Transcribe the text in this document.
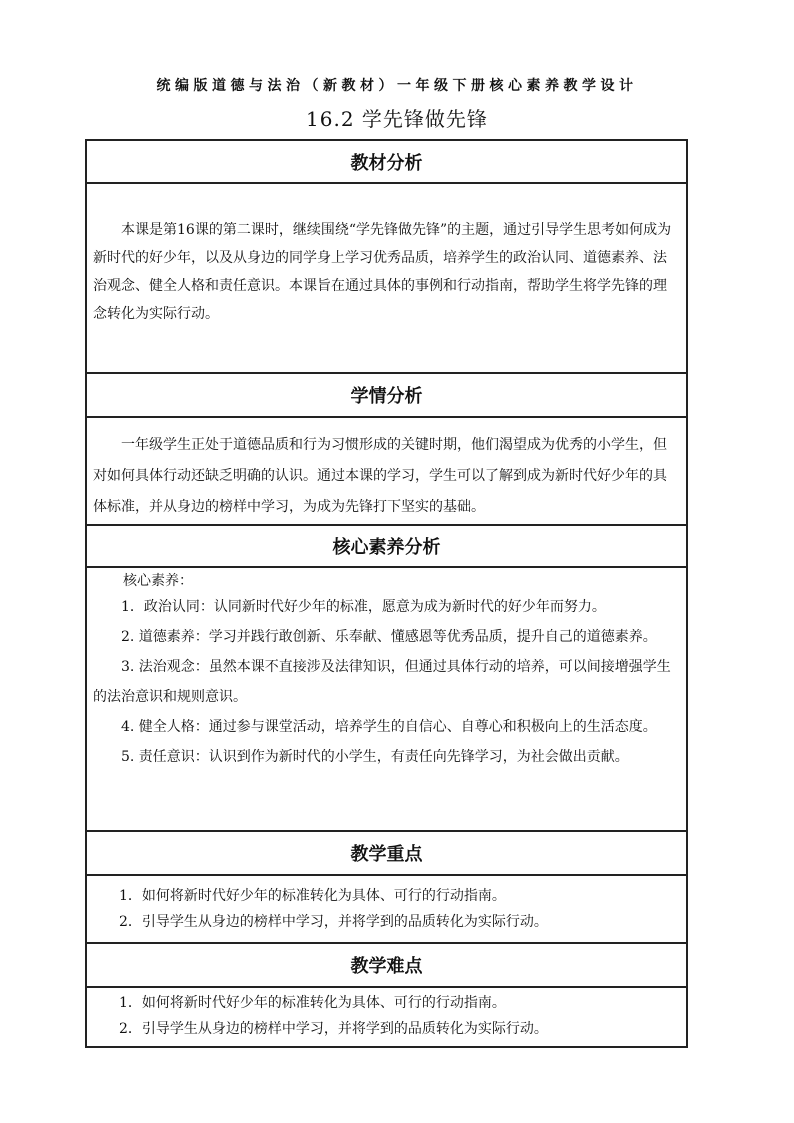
统编版道德与法治（新教材）一年级下册核心素养教学设计
16.2 学先锋做先锋
教材分析

本课是第16课的第二课时，继续围绕“学先锋做先锋”的主题，通过引导学生思考如何成为新时代的好少年，以及从身边的同学身上学习优秀品质，培养学生的政治认同、道德素养、法治观念、健全人格和责任意识。本课旨在通过具体的事例和行动指南，帮助学生将学先锋的理念转化为实际行动。

学情分析

一年级学生正处于道德品质和行为习惯形成的关键时期，他们渴望成为优秀的小学生，但对如何具体行动还缺乏明确的认识。通过本课的学习，学生可以了解到成为新时代好少年的具体标准，并从身边的榜样中学习，为成为先锋打下坚实的基础。

核心素养分析

核心素养：

1．政治认同：认同新时代好少年的标准，愿意为成为新时代的好少年而努力。

2. 道德素养：学习并践行敢创新、乐奉献、懂感恩等优秀品质，提升自己的道德素养。

3. 法治观念：虽然本课不直接涉及法律知识，但通过具体行动的培养，可以间接增强学生的法治意识和规则意识。

4. 健全人格：通过参与课堂活动，培养学生的自信心、自尊心和积极向上的生活态度。

5. 责任意识：认识到作为新时代的小学生，有责任向先锋学习，为社会做出贡献。

教学重点

1．如何将新时代好少年的标准转化为具体、可行的行动指南。

2．引导学生从身边的榜样中学习，并将学到的品质转化为实际行动。

教学难点

1．如何将新时代好少年的标准转化为具体、可行的行动指南。

2．引导学生从身边的榜样中学习，并将学到的品质转化为实际行动。
